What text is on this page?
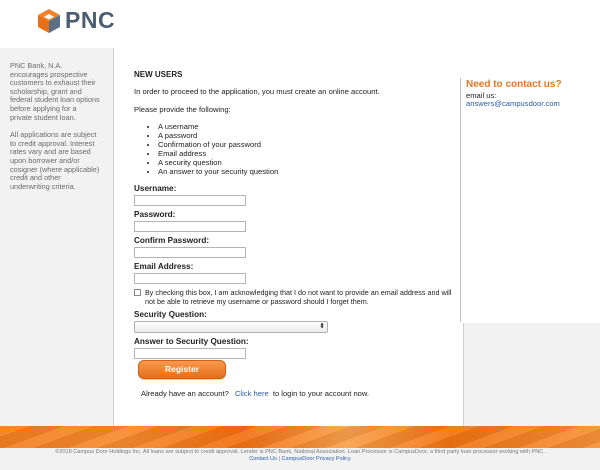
PNC

PNC Bank, N.A. encourages prospective customers to exhaust their scholarship, grant and federal student loan options before applying for a private student loan.

All applications are subject to credit approval. Interest rates vary and are based upon borrower and/or cosigner (where applicable) credit and other underwriting criteria.

NEW USERS
In order to proceed to the application, you must create an online account.
Please provide the following:
• A username
• A password
• Confirmation of your password
• Email address
• A security question
• An answer to your security question
Username:
Password:
Confirm Password:
Email Address:
By checking this box, I am acknowledging that I do not want to provide an email address and will not be able to retrieve my username or password should I forget them.
Security Question:
⬍
Answer to Security Question:
Register
Already have an account? Click here to login to your account now.
Need to contact us?
email us:
answers@campusdoor.com
©2018 Campus Door Holdings Inc. All loans are subject to credit approval. Lender is PNC Bank, National Association. Loan Processor is CampusDoor, a third party loan processor working with PNC.
Contact Us | CampusDoor Privacy Policy
